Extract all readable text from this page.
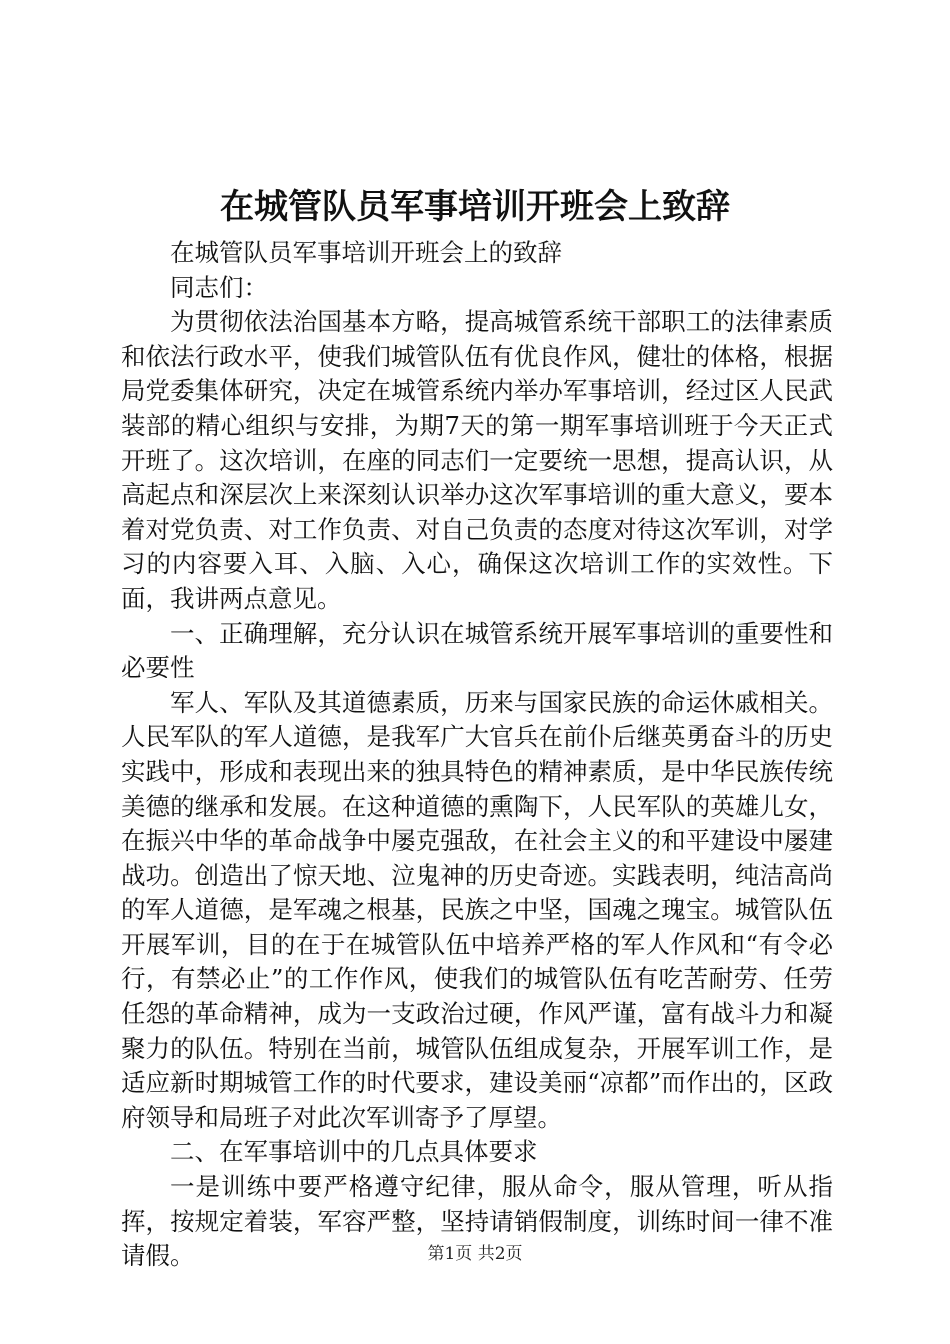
在城管队员军事培训开班会上致辞

在城管队员军事培训开班会上的致辞

同志们：

为贯彻依法治国基本方略，提高城管系统干部职工的法律素质和依法行政水平，使我们城管队伍有优良作风，健壮的体格，根据局党委集体研究，决定在城管系统内举办军事培训，经过区人民武装部的精心组织与安排，为期7天的第一期军事培训班于今天正式开班了。这次培训，在座的同志们一定要统一思想，提高认识，从高起点和深层次上来深刻认识举办这次军事培训的重大意义，要本着对党负责、对工作负责、对自己负责的态度对待这次军训，对学习的内容要入耳、入脑、入心，确保这次培训工作的实效性。下面，我讲两点意见。

一、正确理解，充分认识在城管系统开展军事培训的重要性和必要性

军人、军队及其道德素质，历来与国家民族的命运休戚相关。人民军队的军人道德，是我军广大官兵在前仆后继英勇奋斗的历史实践中，形成和表现出来的独具特色的精神素质，是中华民族传统美德的继承和发展。在这种道德的熏陶下，人民军队的英雄儿女，在振兴中华的革命战争中屡克强敌，在社会主义的和平建设中屡建战功。创造出了惊天地、泣鬼神的历史奇迹。实践表明，纯洁高尚的军人道德，是军魂之根基，民族之中坚，国魂之瑰宝。城管队伍开展军训，目的在于在城管队伍中培养严格的军人作风和“有令必行，有禁必止”的工作作风，使我们的城管队伍有吃苦耐劳、任劳任怨的革命精神，成为一支政治过硬，作风严谨，富有战斗力和凝聚力的队伍。特别在当前，城管队伍组成复杂，开展军训工作，是适应新时期城管工作的时代要求，建设美丽“凉都”而作出的，区政府领导和局班子对此次军训寄予了厚望。

二、在军事培训中的几点具体要求

一是训练中要严格遵守纪律，服从命令，服从管理，听从指挥，按规定着装，军容严整，坚持请销假制度，训练时间一律不准请假。	第1页 共2页
